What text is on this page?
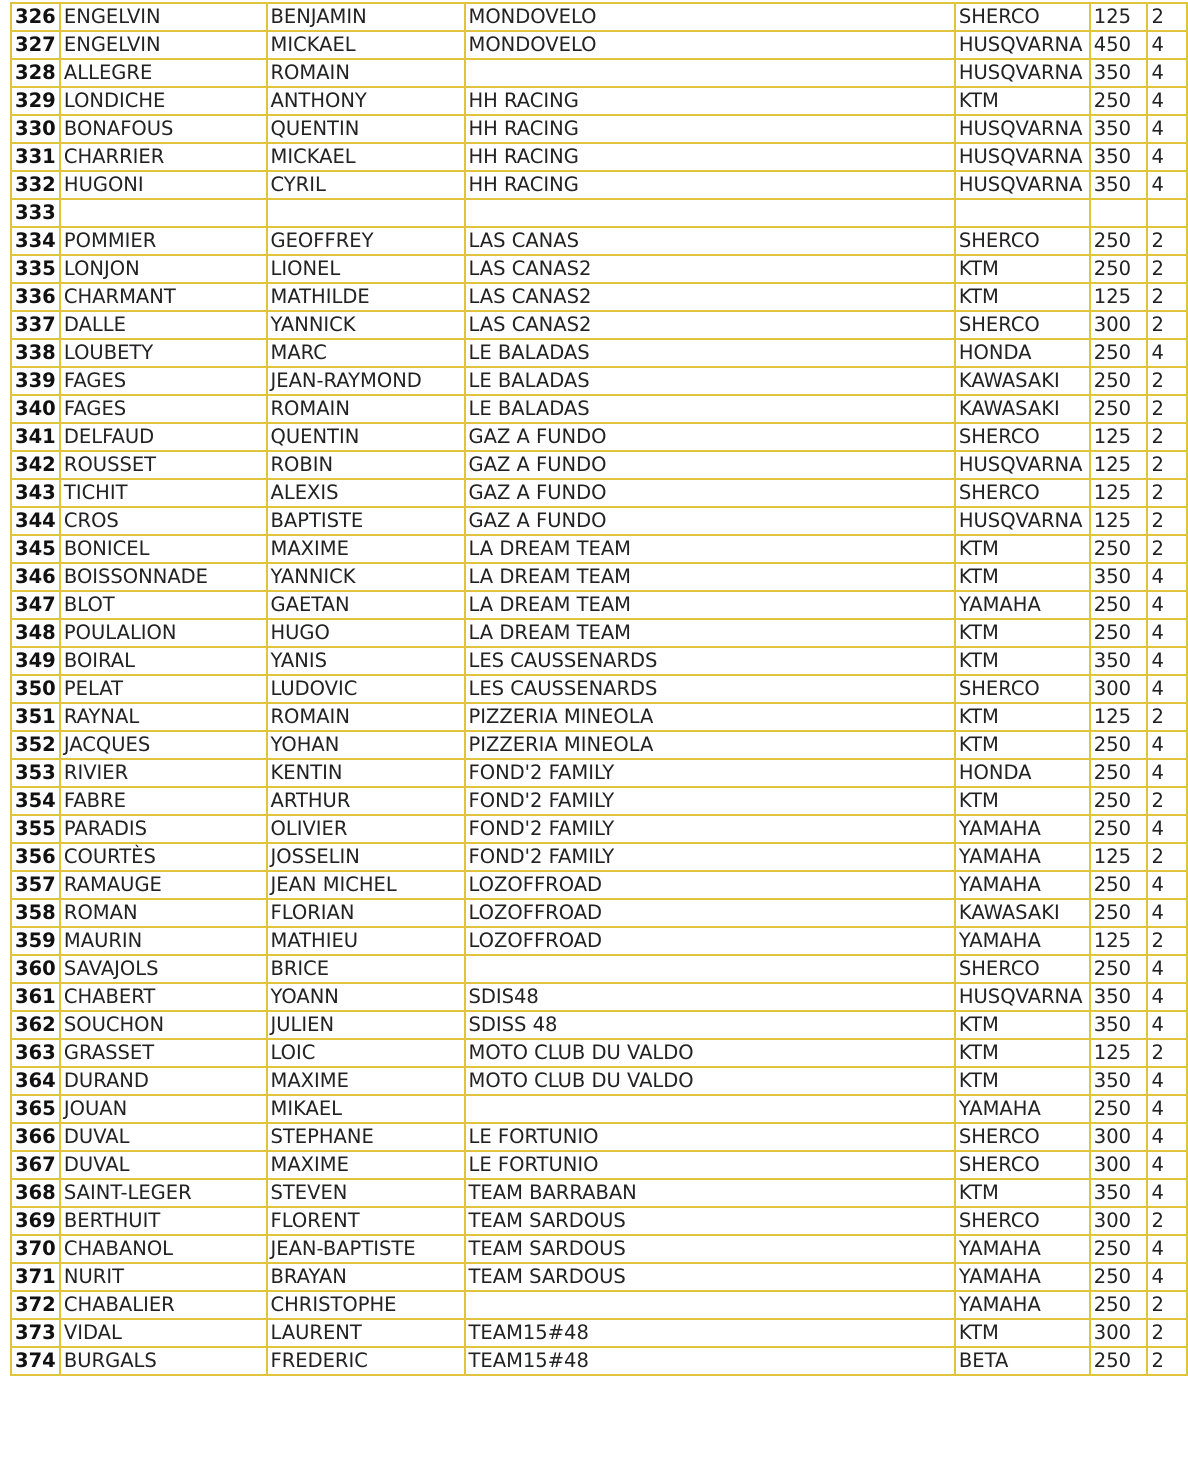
326	ENGELVIN	BENJAMIN	MONDOVELO	SHERCO	125	2
327	ENGELVIN	MICKAEL	MONDOVELO	HUSQVARNA	450	4
328	ALLEGRE	ROMAIN		HUSQVARNA	350	4
329	LONDICHE	ANTHONY	HH RACING	KTM	250	4
330	BONAFOUS	QUENTIN	HH RACING	HUSQVARNA	350	4
331	CHARRIER	MICKAEL	HH RACING	HUSQVARNA	350	4
332	HUGONI	CYRIL	HH RACING	HUSQVARNA	350	4
333						
334	POMMIER	GEOFFREY	LAS CANAS	SHERCO	250	2
335	LONJON	LIONEL	LAS CANAS2	KTM	250	2
336	CHARMANT	MATHILDE	LAS CANAS2	KTM	125	2
337	DALLE	YANNICK	LAS CANAS2	SHERCO	300	2
338	LOUBETY	MARC	LE BALADAS	HONDA	250	4
339	FAGES	JEAN-RAYMOND	LE BALADAS	KAWASAKI	250	2
340	FAGES	ROMAIN	LE BALADAS	KAWASAKI	250	2
341	DELFAUD	QUENTIN	GAZ A FUNDO	SHERCO	125	2
342	ROUSSET	ROBIN	GAZ A FUNDO	HUSQVARNA	125	2
343	TICHIT	ALEXIS	GAZ A FUNDO	SHERCO	125	2
344	CROS	BAPTISTE	GAZ A FUNDO	HUSQVARNA	125	2
345	BONICEL	MAXIME	LA DREAM TEAM	KTM	250	2
346	BOISSONNADE	YANNICK	LA DREAM TEAM	KTM	350	4
347	BLOT	GAETAN	LA DREAM TEAM	YAMAHA	250	4
348	POULALION	HUGO	LA DREAM TEAM	KTM	250	4
349	BOIRAL	YANIS	LES CAUSSENARDS	KTM	350	4
350	PELAT	LUDOVIC	LES CAUSSENARDS	SHERCO	300	4
351	RAYNAL	ROMAIN	PIZZERIA MINEOLA	KTM	125	2
352	JACQUES	YOHAN	PIZZERIA MINEOLA	KTM	250	4
353	RIVIER	KENTIN	FOND'2 FAMILY	HONDA	250	4
354	FABRE	ARTHUR	FOND'2 FAMILY	KTM	250	2
355	PARADIS	OLIVIER	FOND'2 FAMILY	YAMAHA	250	4
356	COURTÈS	JOSSELIN	FOND'2 FAMILY	YAMAHA	125	2
357	RAMAUGE	JEAN MICHEL	LOZOFFROAD	YAMAHA	250	4
358	ROMAN	FLORIAN	LOZOFFROAD	KAWASAKI	250	4
359	MAURIN	MATHIEU	LOZOFFROAD	YAMAHA	125	2
360	SAVAJOLS	BRICE		SHERCO	250	4
361	CHABERT	YOANN	SDIS48	HUSQVARNA	350	4
362	SOUCHON	JULIEN	SDISS 48	KTM	350	4
363	GRASSET	LOIC	MOTO CLUB DU VALDO	KTM	125	2
364	DURAND	MAXIME	MOTO CLUB DU VALDO	KTM	350	4
365	JOUAN	MIKAEL		YAMAHA	250	4
366	DUVAL	STEPHANE	LE FORTUNIO	SHERCO	300	4
367	DUVAL	MAXIME	LE FORTUNIO	SHERCO	300	4
368	SAINT-LEGER	STEVEN	TEAM BARRABAN	KTM	350	4
369	BERTHUIT	FLORENT	TEAM SARDOUS	SHERCO	300	2
370	CHABANOL	JEAN-BAPTISTE	TEAM SARDOUS	YAMAHA	250	4
371	NURIT	BRAYAN	TEAM SARDOUS	YAMAHA	250	4
372	CHABALIER	CHRISTOPHE		YAMAHA	250	2
373	VIDAL	LAURENT	TEAM15#48	KTM	300	2
374	BURGALS	FREDERIC	TEAM15#48	BETA	250	2
